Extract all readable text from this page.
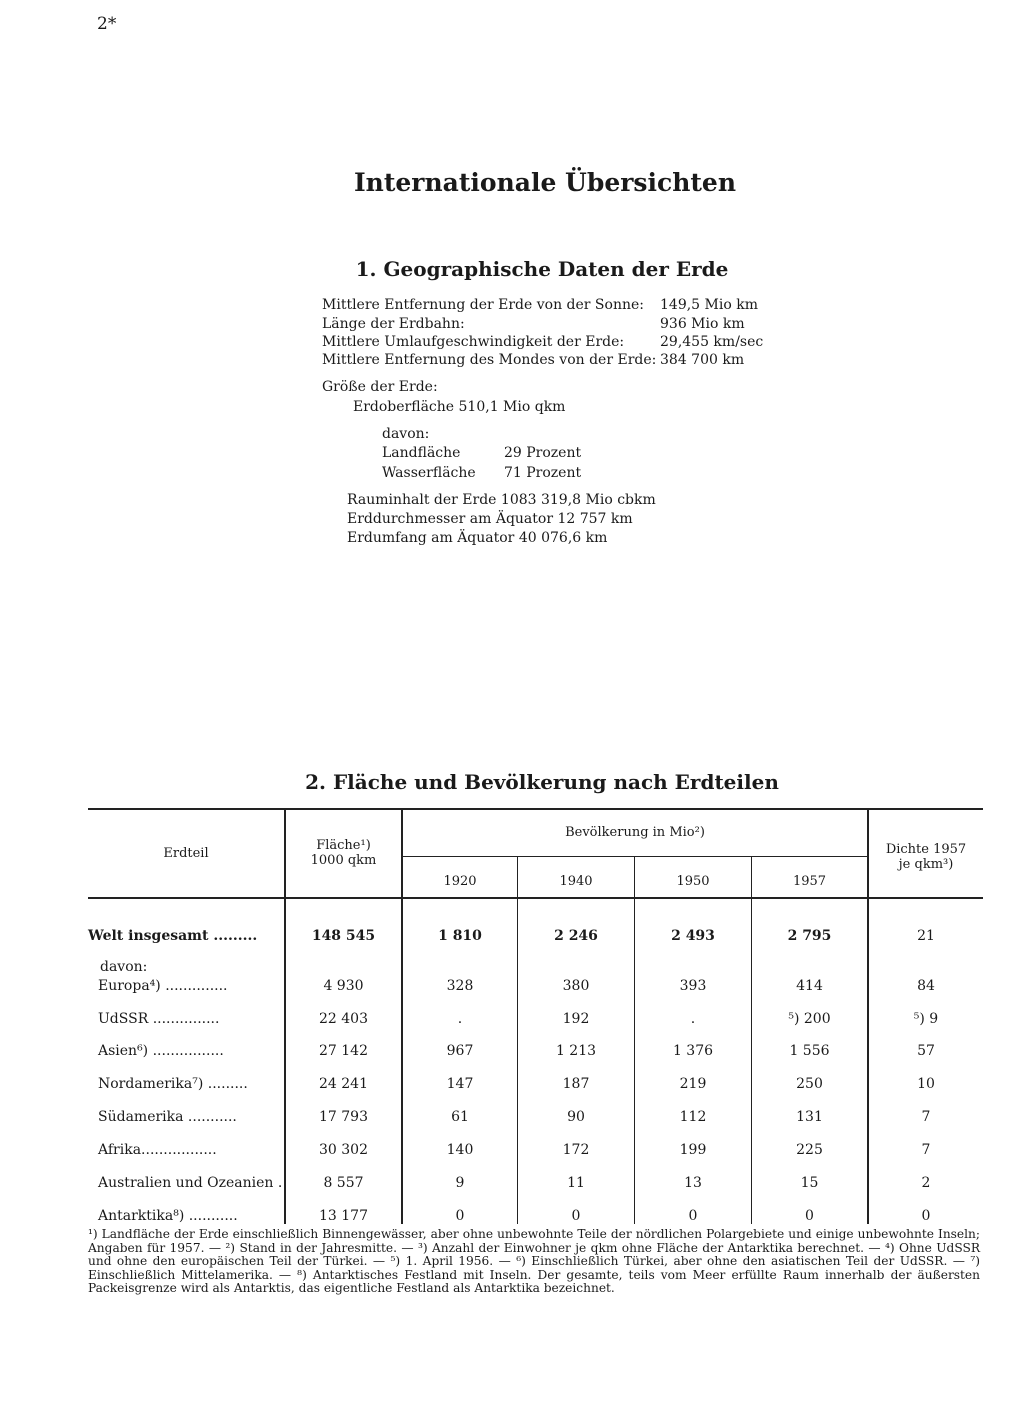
2*
Internationale Übersichten
1. Geographische Daten der Erde
Mittlere Entfernung der Erde von der Sonne: 149,5 Mio km
Länge der Erdbahn:	936 Mio km
Mittlere Umlaufgeschwindigkeit der Erde:	29,455 km/sec
Mittlere Entfernung des Mondes von der Erde: 384 700 km
Größe der Erde:
Erdoberfläche 510,1 Mio qkm
davon:
Landfläche	29 Prozent
Wasserfläche 71 Prozent
Rauminhalt der Erde 1083 319,8 Mio cbkm
Erddurchmesser am Äquator 12 757 km
Erdumfang am Äquator 40 076,6 km
2. Fläche und Bevölkerung nach Erdteilen
Erdteil
Fläche¹)
1000 qkm
Bevölkerung in Mio²)
1920	1940	1950	1957
Dichte 1957
je qkm³)
Welt insgesamt .........	148 545	1 810	2 246	2 493	2 795	21
davon:
Europa⁴) ..............	4 930	328	380	393	414	84
UdSSR ...............	22 403	.	192	.	⁵) 200	⁵) 9
Asien⁶) ................	27 142	967	1 213	1 376	1 556	57
Nordamerika⁷) .........	24 241	147	187	219	250	10
Südamerika ...........	17 793	61	90	112	131	7
Afrika.................	30 302	140	172	199	225	7
Australien und Ozeanien .	8 557	9	11	13	15	2
Antarktika⁸) ...........	13 177	0	0	0	0	0
¹) Landfläche der Erde einschließlich Binnengewässer, aber ohne unbewohnte Teile der nördlichen Polargebiete und einige unbewohnte Inseln; Angaben für 1957. — ²) Stand in der Jahresmitte. — ³) Anzahl der Einwohner je qkm ohne Fläche der Antarktika berechnet. — ⁴) Ohne UdSSR und ohne den europäischen Teil der Türkei. — ⁵) 1. April 1956. — ⁶) Einschließlich Türkei, aber ohne den asiatischen Teil der UdSSR. — ⁷) Einschließlich Mittelamerika. — ⁸) Antarktisches Festland mit Inseln. Der gesamte, teils vom Meer erfüllte Raum innerhalb der äußersten Packeisgrenze wird als Antarktis, das eigentliche Festland als Antarktika bezeichnet.
